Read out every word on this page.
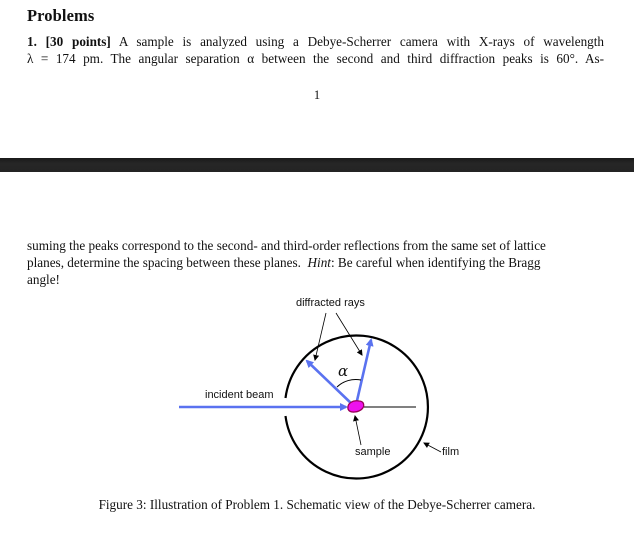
Problems
1. [30 points] A sample is analyzed using a Debye-Scherrer camera with X-rays of wavelength
λ = 174 pm. The angular separation α between the second and third diffraction peaks is 60°. As-
1
suming the peaks correspond to the second- and third-order reflections from the same set of lattice
planes, determine the spacing between these planes. Hint: Be careful when identifying the Bragg
angle!
diffracted rays
incident beam
α
sample	film
Figure 3: Illustration of Problem 1. Schematic view of the Debye-Scherrer camera.
